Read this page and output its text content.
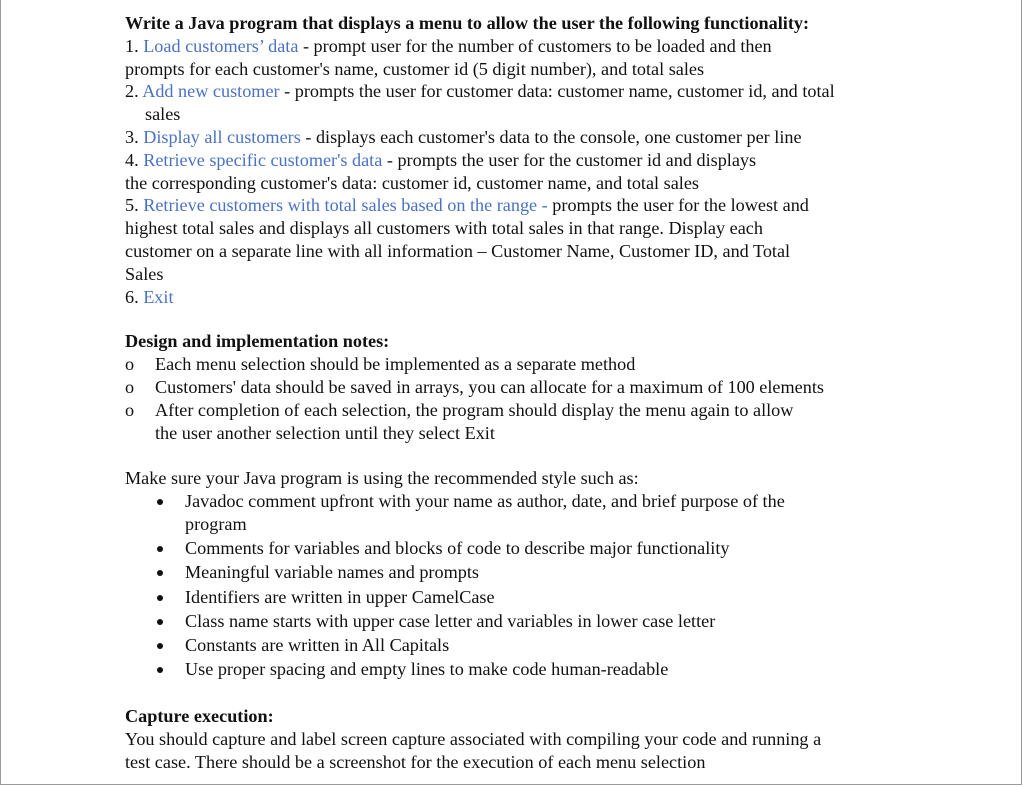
Write a Java program that displays a menu to allow the user the following functionality:
1. Load customers’ data - prompt user for the number of customers to be loaded and then
prompts for each customer's name, customer id (5 digit number), and total sales
2. Add new customer - prompts the user for customer data: customer name, customer id, and total
sales
3. Display all customers - displays each customer's data to the console, one customer per line
4. Retrieve specific customer's data - prompts the user for the customer id and displays
the corresponding customer's data: customer id, customer name, and total sales
5. Retrieve customers with total sales based on the range - prompts the user for the lowest and
highest total sales and displays all customers with total sales in that range. Display each
customer on a separate line with all information – Customer Name, Customer ID, and Total
Sales
6. Exit
Design and implementation notes:
o Each menu selection should be implemented as a separate method
o Customers' data should be saved in arrays, you can allocate for a maximum of 100 elements
o After completion of each selection, the program should display the menu again to allow
the user another selection until they select Exit
Make sure your Java program is using the recommended style such as:
Javadoc comment upfront with your name as author, date, and brief purpose of the
program
Comments for variables and blocks of code to describe major functionality
Meaningful variable names and prompts
Identifiers are written in upper CamelCase
Class name starts with upper case letter and variables in lower case letter
Constants are written in All Capitals
Use proper spacing and empty lines to make code human-readable
Capture execution:
You should capture and label screen capture associated with compiling your code and running a
test case. There should be a screenshot for the execution of each menu selection
